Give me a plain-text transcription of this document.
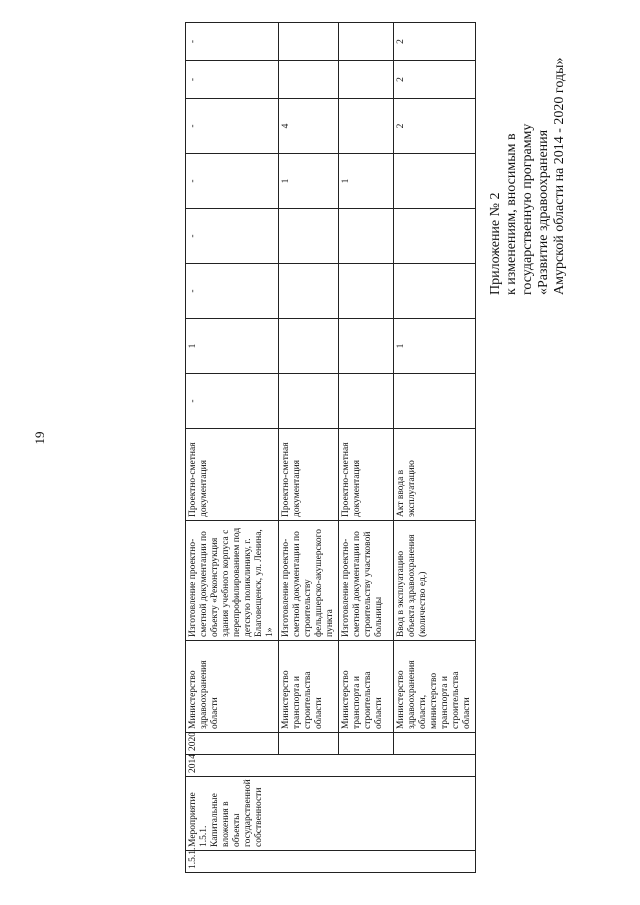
19
Приложение № 2 к изменениям, вносимым в государственную программу «Развитие здравоохранения Амурской области на 2014 - 2020 годы»
1.5.1.	Мероприятие 1.5.1. Капитальные вложения в объекты государственной собственности	2014	2020	Министерство здравоохранения области	Изготовление проектно-сметной документации по объекту «Реконструкция здания учебного корпуса с перепрофилированием под детскую поликлинику, г. Благовещенск, ул. Ленина, 1»	Проектно-сметная документация	-	1	-	-	-	-	-	-
				Министерство транспорта и строительства области	Изготовление проектно-сметной документации по строительству фельдшерско-акушерского пункта	Проектно-сметная документация					1	4		
				Министерство транспорта и строительства области	Изготовление проектно-сметной документации по строительству участковой больницы	Проектно-сметная документация					1			
				Министерство здравоохранения области, министерство транспорта и строительства области	Ввод в эксплуатацию объекта здравоохранения (количество ед.)	Акт ввода в эксплуатацию		1				2	2	2
